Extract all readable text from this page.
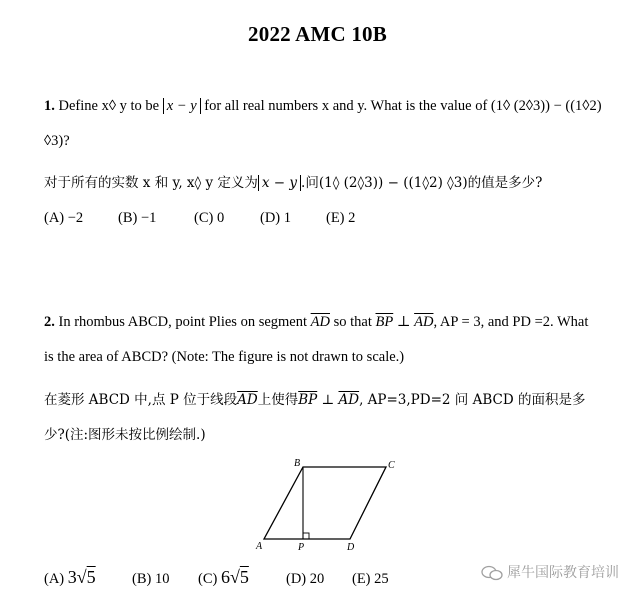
2022 AMC 10B
1. Define x◊ y to be x − y for all real numbers x and y. What is the value of (1◊ (2◊3)) − ((1◊2)
◊3)?
对于所有的实数 x 和 y, x◊ y 定义为 x − y .问(1◊ (2◊3)) − ((1◊2) ◊3)的值是多少?
(A) −2 (B) −1	(C) 0 (D) 1 (E) 2
2. In rhombus ABCD, point Plies on segment $\overline{AD}$ so that $\overline{BP}$ ⊥ $\overline{AD}$, AP = 3, and PD =2. What
is the area of ABCD? (Note: The figure is not drawn to scale.)
在菱形 ABCD 中,点 P 位于线段$\overline{AD}$上使得$\overline{BP}$ ⊥ $\overline{AD}$, AP=3,PD=2 问 ABCD 的面积是多
少?(注:图形未按比例绘制.)
B	C
A	P	D
(A) 3√5	(B) 10 (C) 6√5	(D) 20 (E) 25	犀牛国际教育培训
